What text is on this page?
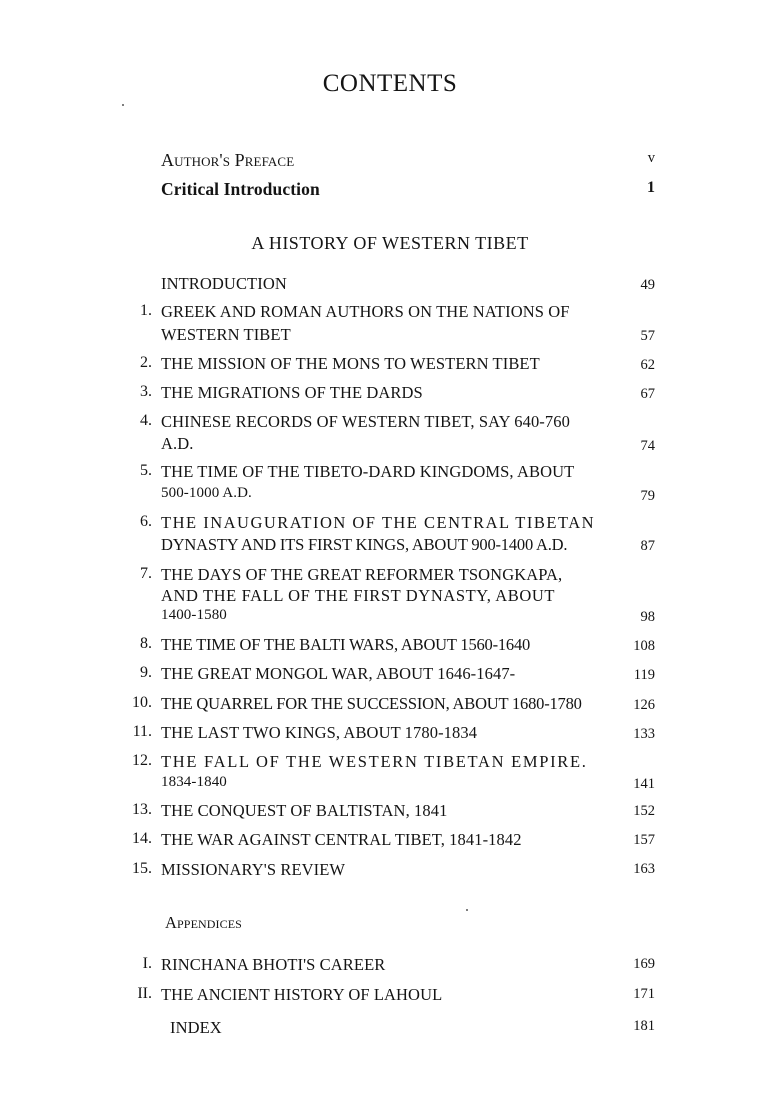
CONTENTS
Author's Preface	v
Critical Introduction	1
A HISTORY OF WESTERN TIBET
INTRODUCTION	49
1. GREEK AND ROMAN AUTHORS ON THE NATIONS OF
WESTERN TIBET	57
2. THE MISSION OF THE MONS TO WESTERN TIBET	62
3. THE MIGRATIONS OF THE DARDS	67
4. CHINESE RECORDS OF WESTERN TIBET, SAY 640-760
A.D.	74
5. THE TIME OF THE TIBETO-DARD KINGDOMS, ABOUT
500-1000 A.D.	79
6. THE INAUGURATION OF THE CENTRAL TIBETAN
DYNASTY AND ITS FIRST KINGS, ABOUT 900-1400 A.D.	87
7. THE DAYS OF THE GREAT REFORMER TSONGKAPA,
AND THE FALL OF THE FIRST DYNASTY, ABOUT
1400-1580	98
8. THE TIME OF THE BALTI WARS, ABOUT 1560-1640	108
9. THE GREAT MONGOL WAR, ABOUT 1646-1647-	119
10. THE QUARREL FOR THE SUCCESSION, ABOUT 1680-1780	126
11. THE LAST TWO KINGS, ABOUT 1780-1834	133
12. THE FALL OF THE WESTERN TIBETAN EMPIRE.
1834-1840	141
13. THE CONQUEST OF BALTISTAN, 1841	152
14. THE WAR AGAINST CENTRAL TIBET, 1841-1842	157
15. MISSIONARY'S REVIEW	163
Appendices
I. RINCHANA BHOTI'S CAREER	169
II. THE ANCIENT HISTORY OF LAHOUL	171
INDEX	181
